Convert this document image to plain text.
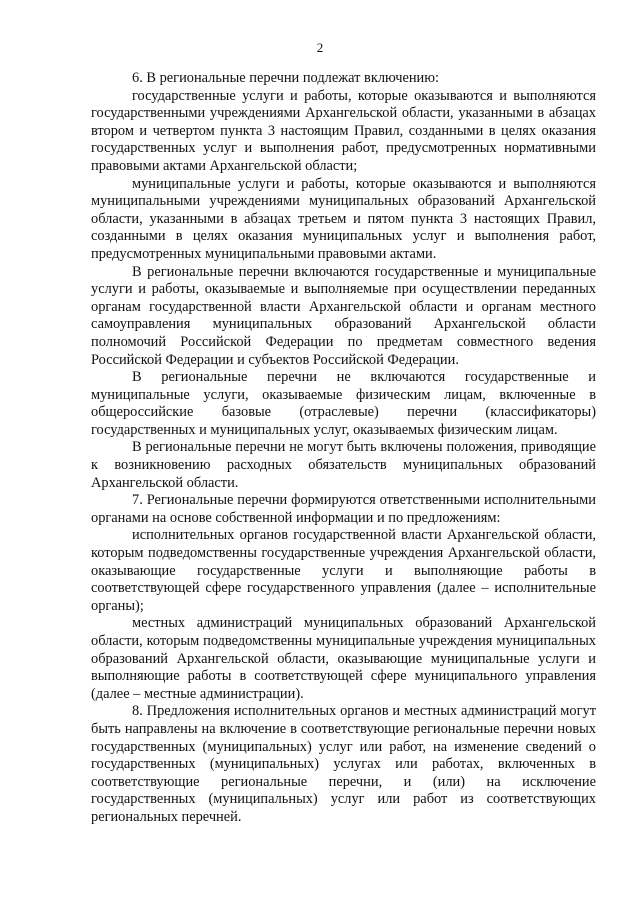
2

6. В региональные перечни подлежат включению:

государственные услуги и работы, которые оказываются и выполняются государственными учреждениями Архангельской области, указанными в абзацах втором и четвертом пункта 3 настоящим Правил, созданными в целях оказания государственных услуг и выполнения работ, предусмотренных нормативными правовыми актами Архангельской области;

муниципальные услуги и работы, которые оказываются и выполняются муниципальными учреждениями муниципальных образований Архангельской области, указанными в абзацах третьем и пятом пункта 3 настоящих Правил, созданными в целях оказания муниципальных услуг и выполнения работ, предусмотренных муниципальными правовыми актами.

В региональные перечни включаются государственные и муниципальные услуги и работы, оказываемые и выполняемые при осуществлении переданных органам государственной власти Архангельской области и органам местного самоуправления муниципальных образований Архангельской области полномочий Российской Федерации по предметам совместного ведения Российской Федерации и субъектов Российской Федерации.

В региональные перечни не включаются государственные и муниципальные услуги, оказываемые физическим лицам, включенные в общероссийские базовые (отраслевые) перечни (классификаторы) государственных и муниципальных услуг, оказываемых физическим лицам.

В региональные перечни не могут быть включены положения, приводящие к возникновению расходных обязательств муниципальных образований Архангельской области.

7. Региональные перечни формируются ответственными исполнительными органами на основе собственной информации и по предложениям:

исполнительных органов государственной власти Архангельской области, которым подведомственны государственные учреждения Архангельской области, оказывающие государственные услуги и выполняющие работы в соответствующей сфере государственного управления (далее – исполнительные органы);

местных администраций муниципальных образований Архангельской области, которым подведомственны муниципальные учреждения муниципальных образований Архангельской области, оказывающие муниципальные услуги и выполняющие работы в соответствующей сфере муниципального управления (далее – местные администрации).

8. Предложения исполнительных органов и местных администраций могут быть направлены на включение в соответствующие региональные перечни новых государственных (муниципальных) услуг или работ, на изменение сведений о государственных (муниципальных) услугах или работах, включенных в соответствующие региональные перечни, и (или) на исключение государственных (муниципальных) услуг или работ из соответствующих региональных перечней.
